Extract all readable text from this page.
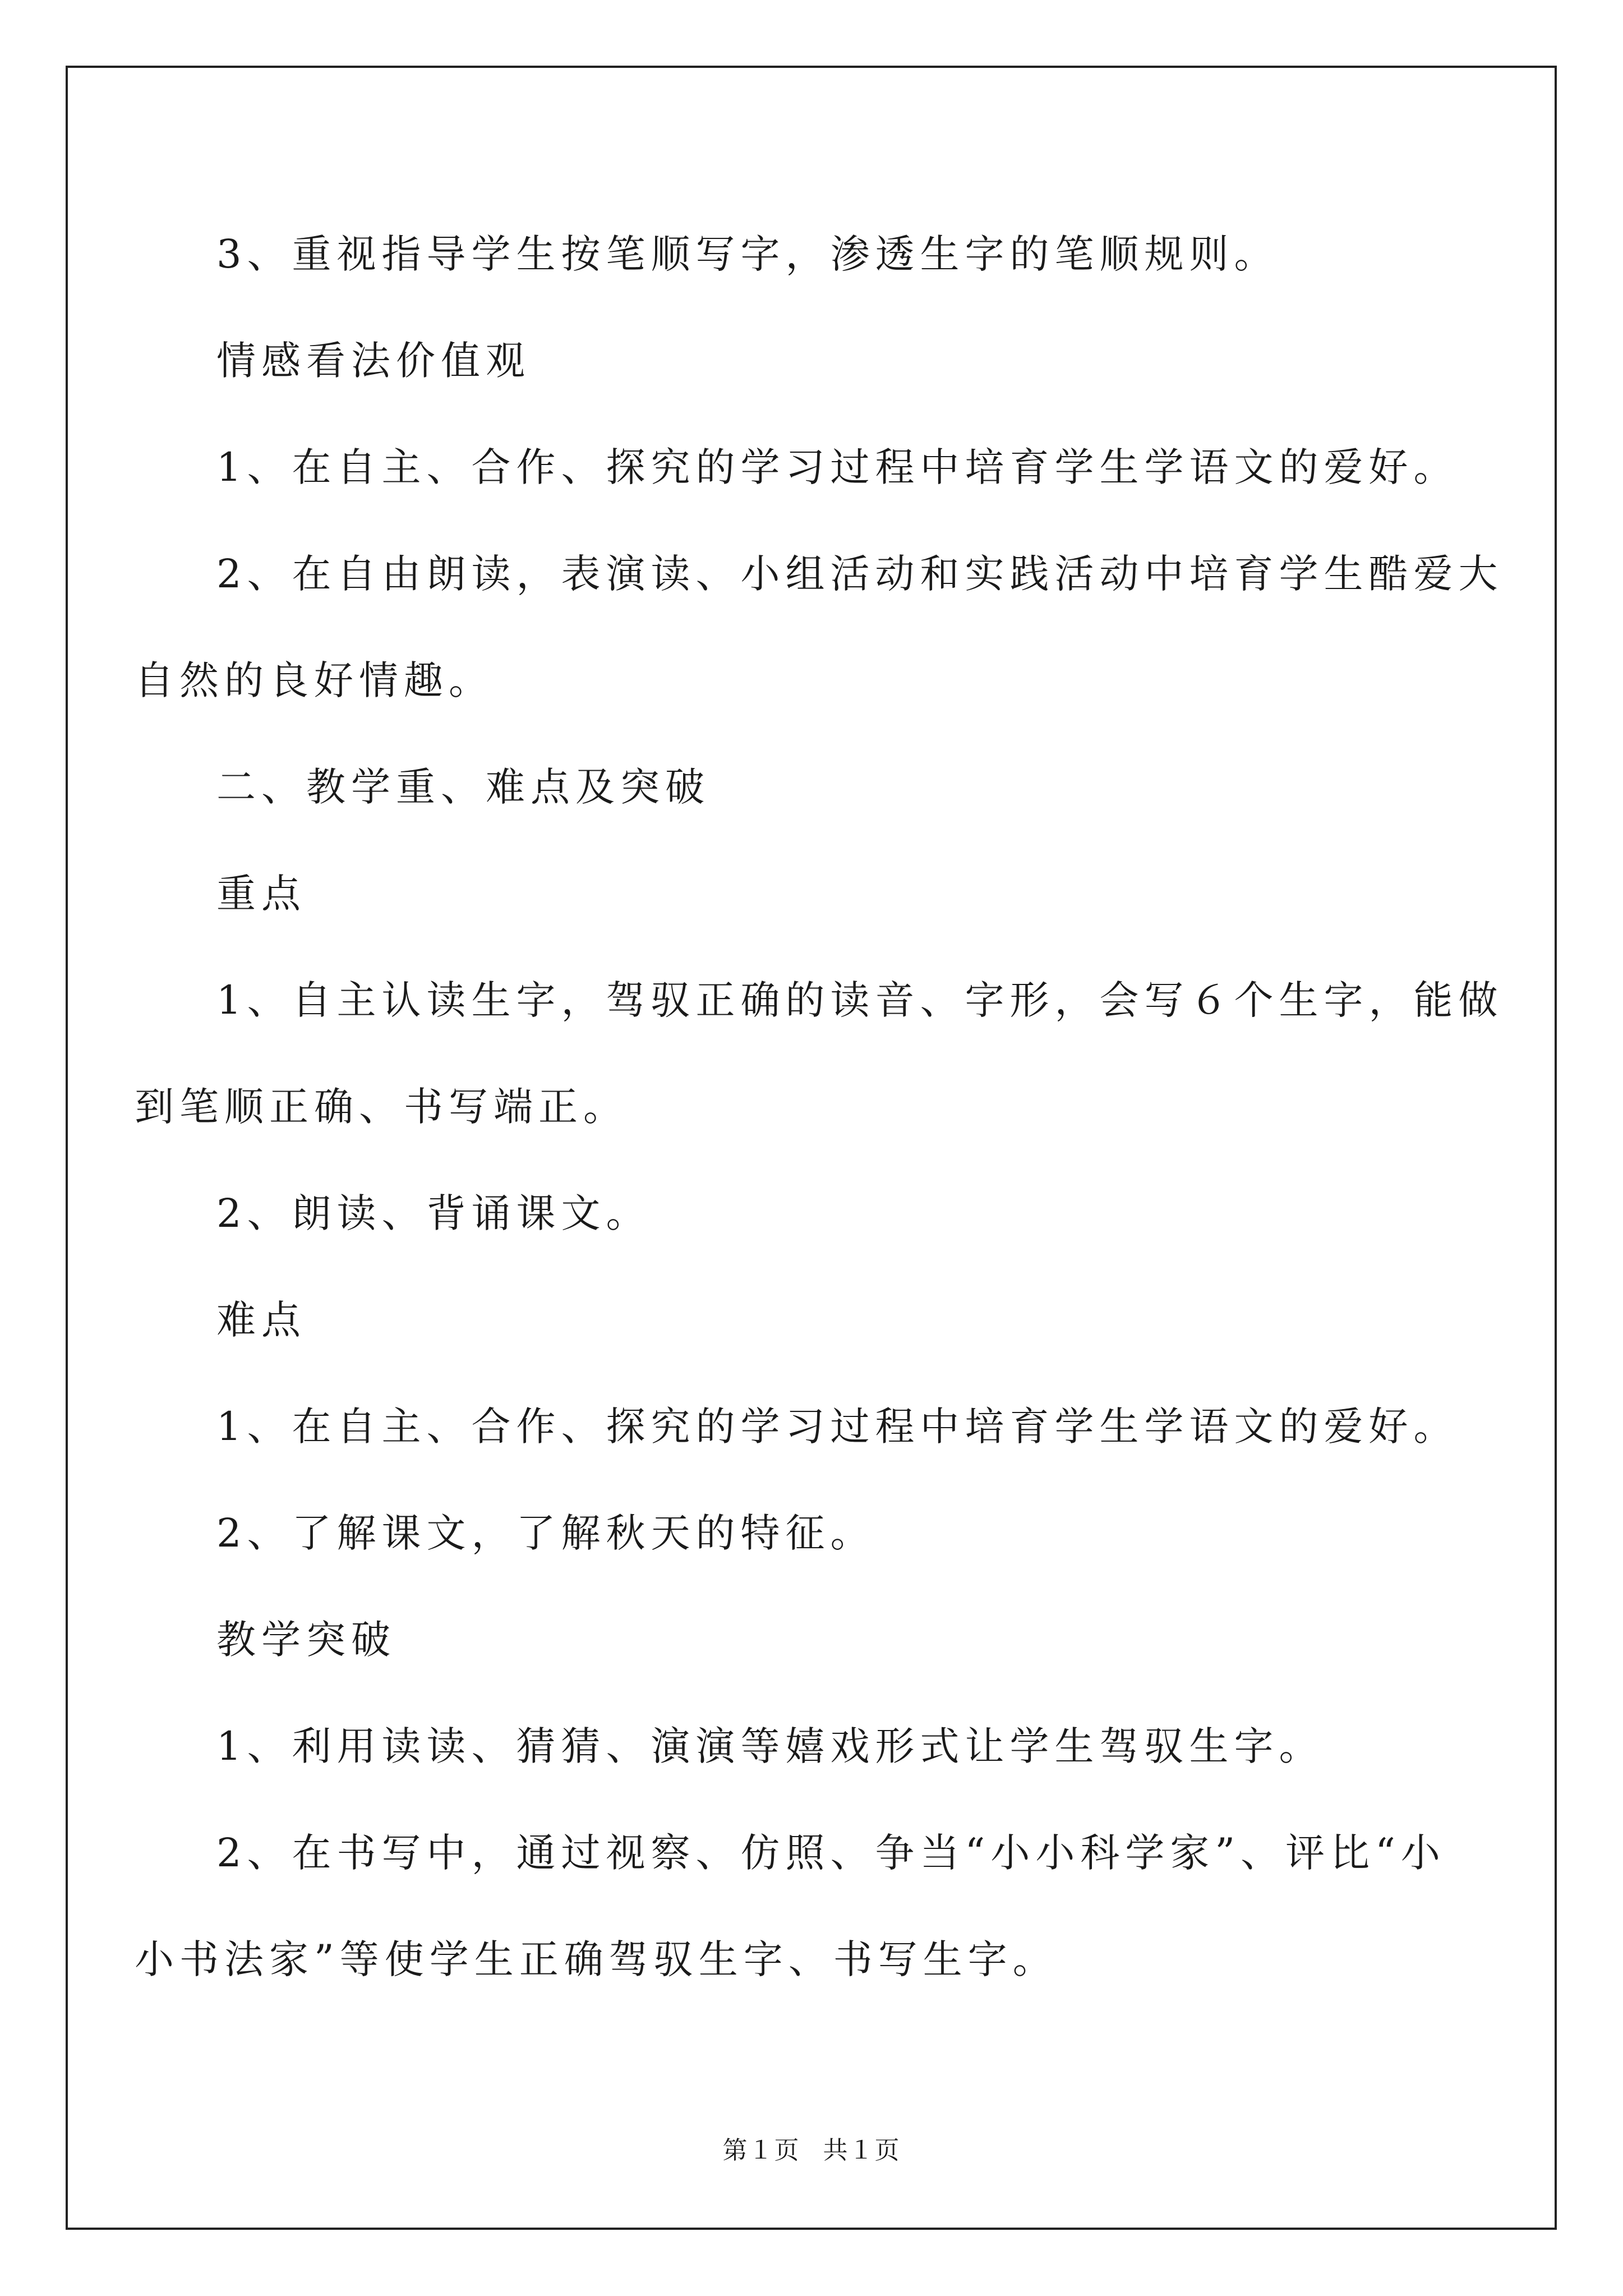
3、重视指导学生按笔顺写字，渗透生字的笔顺规则。
情感看法价值观
1、在自主、合作、探究的学习过程中培育学生学语文的爱好。
2、在自由朗读，表演读、小组活动和实践活动中培育学生酷爱大
自然的良好情趣。
二、教学重、难点及突破
重点
1、自主认读生字，驾驭正确的读音、字形，会写６个生字，能做
到笔顺正确、书写端正。
2、朗读、背诵课文。
难点
1、在自主、合作、探究的学习过程中培育学生学语文的爱好。
2、了解课文，了解秋天的特征。
教学突破
1、利用读读、猜猜、演演等嬉戏形式让学生驾驭生字。
2、在书写中，通过视察、仿照、争当“小小科学家”、评比“小
小书法家”等使学生正确驾驭生字、书写生字。
第１页 共１页
